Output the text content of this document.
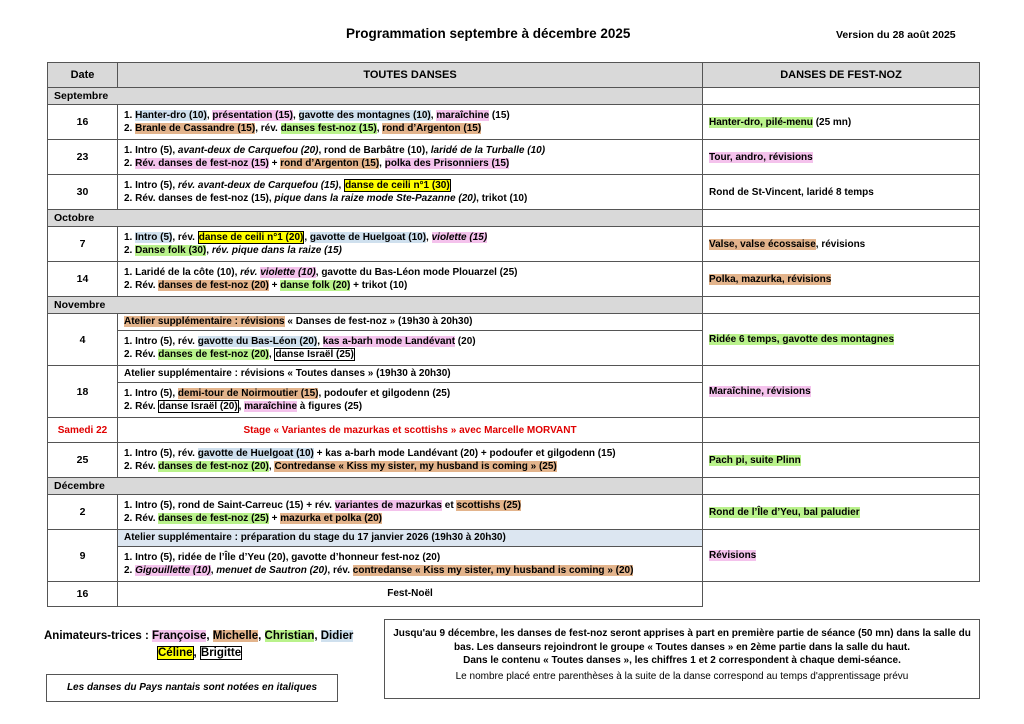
Programmation septembre à décembre 2025	Version du 28 août 2025
Date	TOUTES DANSES	DANSES DE FEST-NOZ
Septembre		
16	1. Hanter-dro (10), présentation (15), gavotte des montagnes (10), maraîchine (15)
2. Branle de Cassandre (15), rév. danses fest-noz (15), rond d’Argenton (15)	Hanter-dro, pilé-menu (25 mn)
23	1. Intro (5), avant-deux de Carquefou (20), rond de Barbâtre (10), laridé de la Turballe (10)
2. Rév. danses de fest-noz (15) + rond d’Argenton (15), polka des Prisonniers (15)	Tour, andro, révisions
30	1. Intro (5), rév. avant-deux de Carquefou (15), danse de ceili n°1 (30)
2. Rév. danses de fest-noz (15), pique dans la raize mode Ste-Pazanne (20), trikot (10)	Rond de St-Vincent, laridé 8 temps
Octobre		
7	1. Intro (5), rév. danse de ceili n°1 (20), gavotte de Huelgoat (10), violette (15)
2. Danse folk (30), rév. pique dans la raize (15)	Valse, valse écossaise, révisions
14	1. Laridé de la côte (10), rév. violette (10), gavotte du Bas-Léon mode Plouarzel (25)
2. Rév. danses de fest-noz (20) + danse folk (20) + trikot (10)	Polka, mazurka, révisions
Novembre		
4	Atelier supplémentaire : révisions « Danses de fest-noz » (19h30 à 20h30)	Ridée 6 temps, gavotte des montagnes
	1. Intro (5), rév. gavotte du Bas-Léon (20), kas a-barh mode Landévant (20)
2. Rév. danses de fest-noz (20), danse Israël (25)	
18	Atelier supplémentaire : révisions « Toutes danses » (19h30 à 20h30)	Maraîchine, révisions
	1. Intro (5), demi-tour de Noirmoutier (15), podoufer et gilgodenn (25)
2. Rév. danse Israël (20), maraîchine à figures (25)	
Samedi 22	Stage « Variantes de mazurkas et scottishs » avec Marcelle MORVANT	
25	1. Intro (5), rév. gavotte de Huelgoat (10) + kas a-barh mode Landévant (20) + podoufer et gilgodenn (15)
2. Rév. danses de fest-noz (20), Contredanse « Kiss my sister, my husband is coming » (25)	Pach pi, suite Plinn
Décembre		
2	1. Intro (5), rond de Saint-Carreuc (15) + rév. variantes de mazurkas et scottishs (25)
2. Rév. danses de fest-noz (25) + mazurka et polka (20)	Rond de l’Île d’Yeu, bal paludier
9	Atelier supplémentaire : préparation du stage du 17 janvier 2026 (19h30 à 20h30)	Révisions
	1. Intro (5), ridée de l’Île d’Yeu (20), gavotte d’honneur fest-noz (20)
2. Gigouillette (10), menuet de Sautron (20), rév. contredanse « Kiss my sister, my husband is coming » (20)	
16	Fest-Noël	
Animateurs-trices : Françoise, Michelle, Christian, Didier
Céline, Brigitte
Les danses du Pays nantais sont notées en italiques
Jusqu'au 9 décembre, les danses de fest-noz seront apprises à part en première partie de séance (50 mn) dans la salle du bas. Les danseurs rejoindront le groupe « Toutes danses » en 2ème partie dans la salle du haut.
Dans le contenu « Toutes danses », les chiffres 1 et 2 correspondent à chaque demi-séance.
Le nombre placé entre parenthèses à la suite de la danse correspond au temps d'apprentissage prévu
